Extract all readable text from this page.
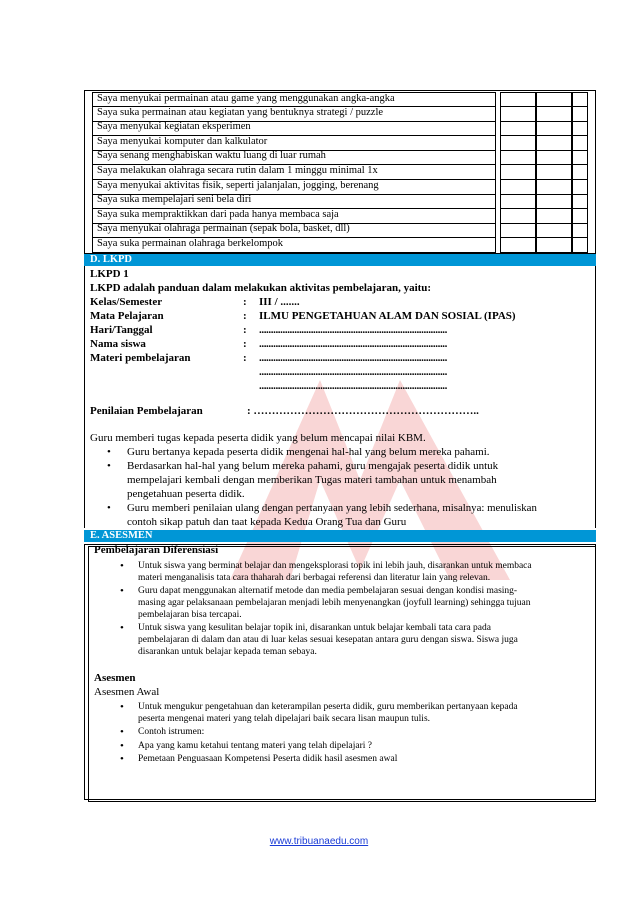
Saya menyukai permainan atau game yang menggunakan angka-angka
Saya suka permainan atau kegiatan yang bentuknya strategi / puzzle
Saya menyukai kegiatan eksperimen
Saya menyukai komputer dan kalkulator
Saya senang menghabiskan waktu luang di luar rumah
Saya melakukan olahraga secara rutin dalam 1 minggu minimal 1x
Saya menyukai aktivitas fisik, seperti jalanjalan, jogging, berenang
Saya suka mempelajari seni bela diri
Saya suka mempraktikkan dari pada hanya membaca saja
Saya menyukai olahraga permainan (sepak bola, basket, dll)
Saya suka permainan olahraga berkelompok
D. LKPD
LKPD 1
LKPD adalah panduan dalam melakukan aktivitas pembelajaran, yaitu:
Kelas/Semester	: III / .......
Mata Pelajaran	: ILMU PENGETAHUAN ALAM DAN SOSIAL (IPAS)
Hari/Tanggal	: ................................................................................
Nama siswa	: ................................................................................
Materi pembelajaran	: ................................................................................
................................................................................
................................................................................
Penilaian Pembelajaran	: ……………………………………………………..
Guru memberi tugas kepada peserta didik yang belum mencapai nilai KBM.
• Guru bertanya kepada peserta didik mengenai hal-hal yang belum mereka pahami.
• Berdasarkan hal-hal yang belum mereka pahami, guru mengajak peserta didik untuk
mempelajari kembali dengan memberikan Tugas materi tambahan untuk menambah
pengetahuan peserta didik.
• Guru memberi penilaian ulang dengan pertanyaan yang lebih sederhana, misalnya: menuliskan
contoh sikap patuh dan taat kepada Kedua Orang Tua dan Guru
E. ASESMEN
Pembelajaran Diferensiasi
• Untuk siswa yang berminat belajar dan mengeksplorasi topik ini lebih jauh, disarankan untuk membaca
materi menganalisis tata cara thaharah dari berbagai referensi dan literatur lain yang relevan.
• Guru dapat menggunakan alternatif metode dan media pembelajaran sesuai dengan kondisi masing-
masing agar pelaksanaan pembelajaran menjadi lebih menyenangkan (joyfull learning) sehingga tujuan
pembelajaran bisa tercapai.
• Untuk siswa yang kesulitan belajar topik ini, disarankan untuk belajar kembali tata cara pada
pembelajaran di dalam dan atau di luar kelas sesuai kesepatan antara guru dengan siswa. Siswa juga
disarankan untuk belajar kepada teman sebaya.
Asesmen
Asesmen Awal
• Untuk mengukur pengetahuan dan keterampilan peserta didik, guru memberikan pertanyaan kepada
peserta mengenai materi yang telah dipelajari baik secara lisan maupun tulis.
• Contoh istrumen:
• Apa yang kamu ketahui tentang materi yang telah dipelajari ?
• Pemetaan Penguasaan Kompetensi Peserta didik hasil asesmen awal
www.tribuanaedu.com
